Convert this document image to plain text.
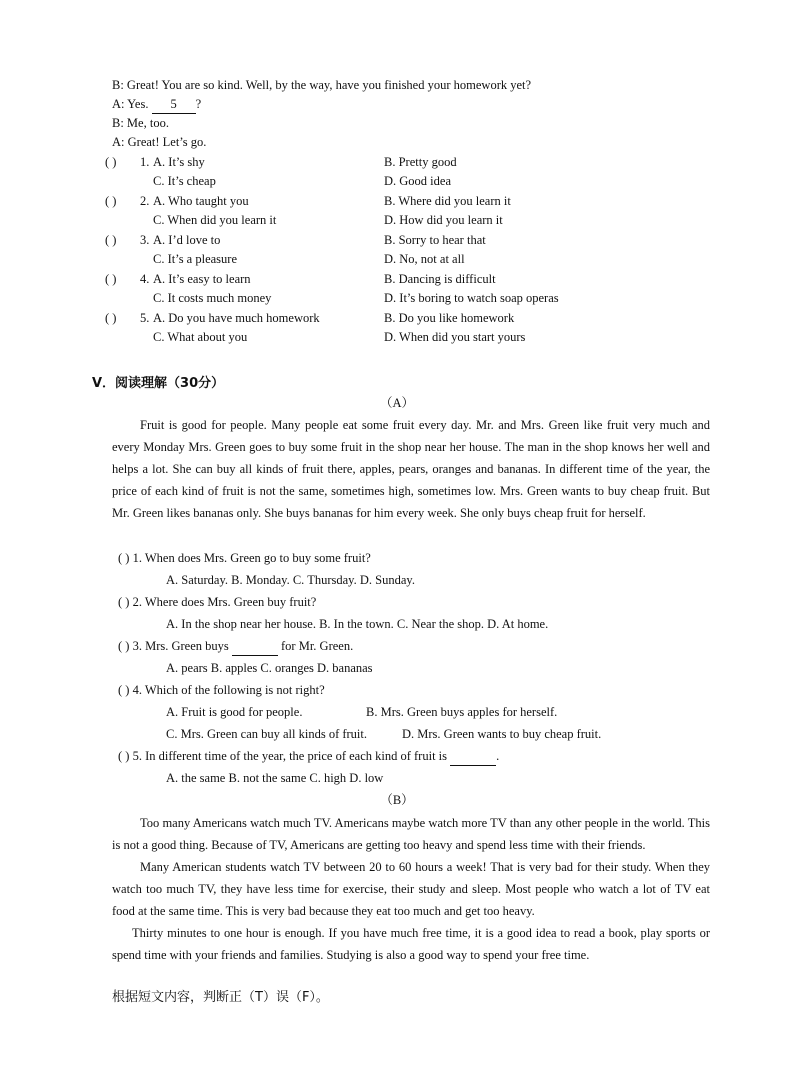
B: Great! You are so kind. Well, by the way, have you finished your homework yet?
A: Yes. 5 ?
B: Me, too.
A: Great! Let’s go.
( ) 1. A. It’s shy	B. Pretty good
C. It’s cheap	D. Good idea
( ) 2. A. Who taught you	B. Where did you learn it
C. When did you learn it	D. How did you learn it
( ) 3. A. I’d love to	B. Sorry to hear that
C. It’s a pleasure	D. No, not at all
( ) 4. A. It’s easy to learn	B. Dancing is difficult
C. It costs much money	D. It’s boring to watch soap operas
( ) 5. A. Do you have much homework	B. Do you like homework
C. What about you	D. When did you start yours
V．阅读理解（30分）
（A）

Fruit is good for people. Many people eat some fruit every day. Mr. and Mrs. Green like fruit very much and every Monday Mrs. Green goes to buy some fruit in the shop near her house. The man in the shop knows her well and helps a lot. She can buy all kinds of fruit there, apples, pears, oranges and bananas. In different time of the year, the price of each kind of fruit is not the same, sometimes high, sometimes low. Mrs. Green wants to buy cheap fruit. But Mr. Green likes bananas only. She buys bananas for him every week. She only buys cheap fruit for herself.

( ) 1. When does Mrs. Green go to buy some fruit?
A. Saturday. B. Monday. C. Thursday. D. Sunday.
( ) 2. Where does Mrs. Green buy fruit?
A. In the shop near her house. B. In the town. C. Near the shop. D. At home.
( ) 3. Mrs. Green buys	for Mr. Green.
A. pears B. apples C. oranges D. bananas
( ) 4. Which of the following is not right?
A. Fruit is good for people.	B. Mrs. Green buys apples for herself.
C. Mrs. Green can buy all kinds of fruit.	D. Mrs. Green wants to buy cheap fruit.
( ) 5. In different time of the year, the price of each kind of fruit is	.
A. the same B. not the same C. high D. low
（B）

Too many Americans watch much TV. Americans maybe watch more TV than any other people in the world. This is not a good thing. Because of TV, Americans are getting too heavy and spend less time with their friends.

Many American students watch TV between 20 to 60 hours a week! That is very bad for their study. When they watch too much TV, they have less time for exercise, their study and sleep. Most people who watch a lot of TV eat food at the same time. This is very bad because they eat too much and get too heavy.

Thirty minutes to one hour is enough. If you have much free time, it is a good idea to read a book, play sports or spend time with your friends and families. Studying is also a good way to spend your free time.

根据短文内容，判断正（T）误（F）。
